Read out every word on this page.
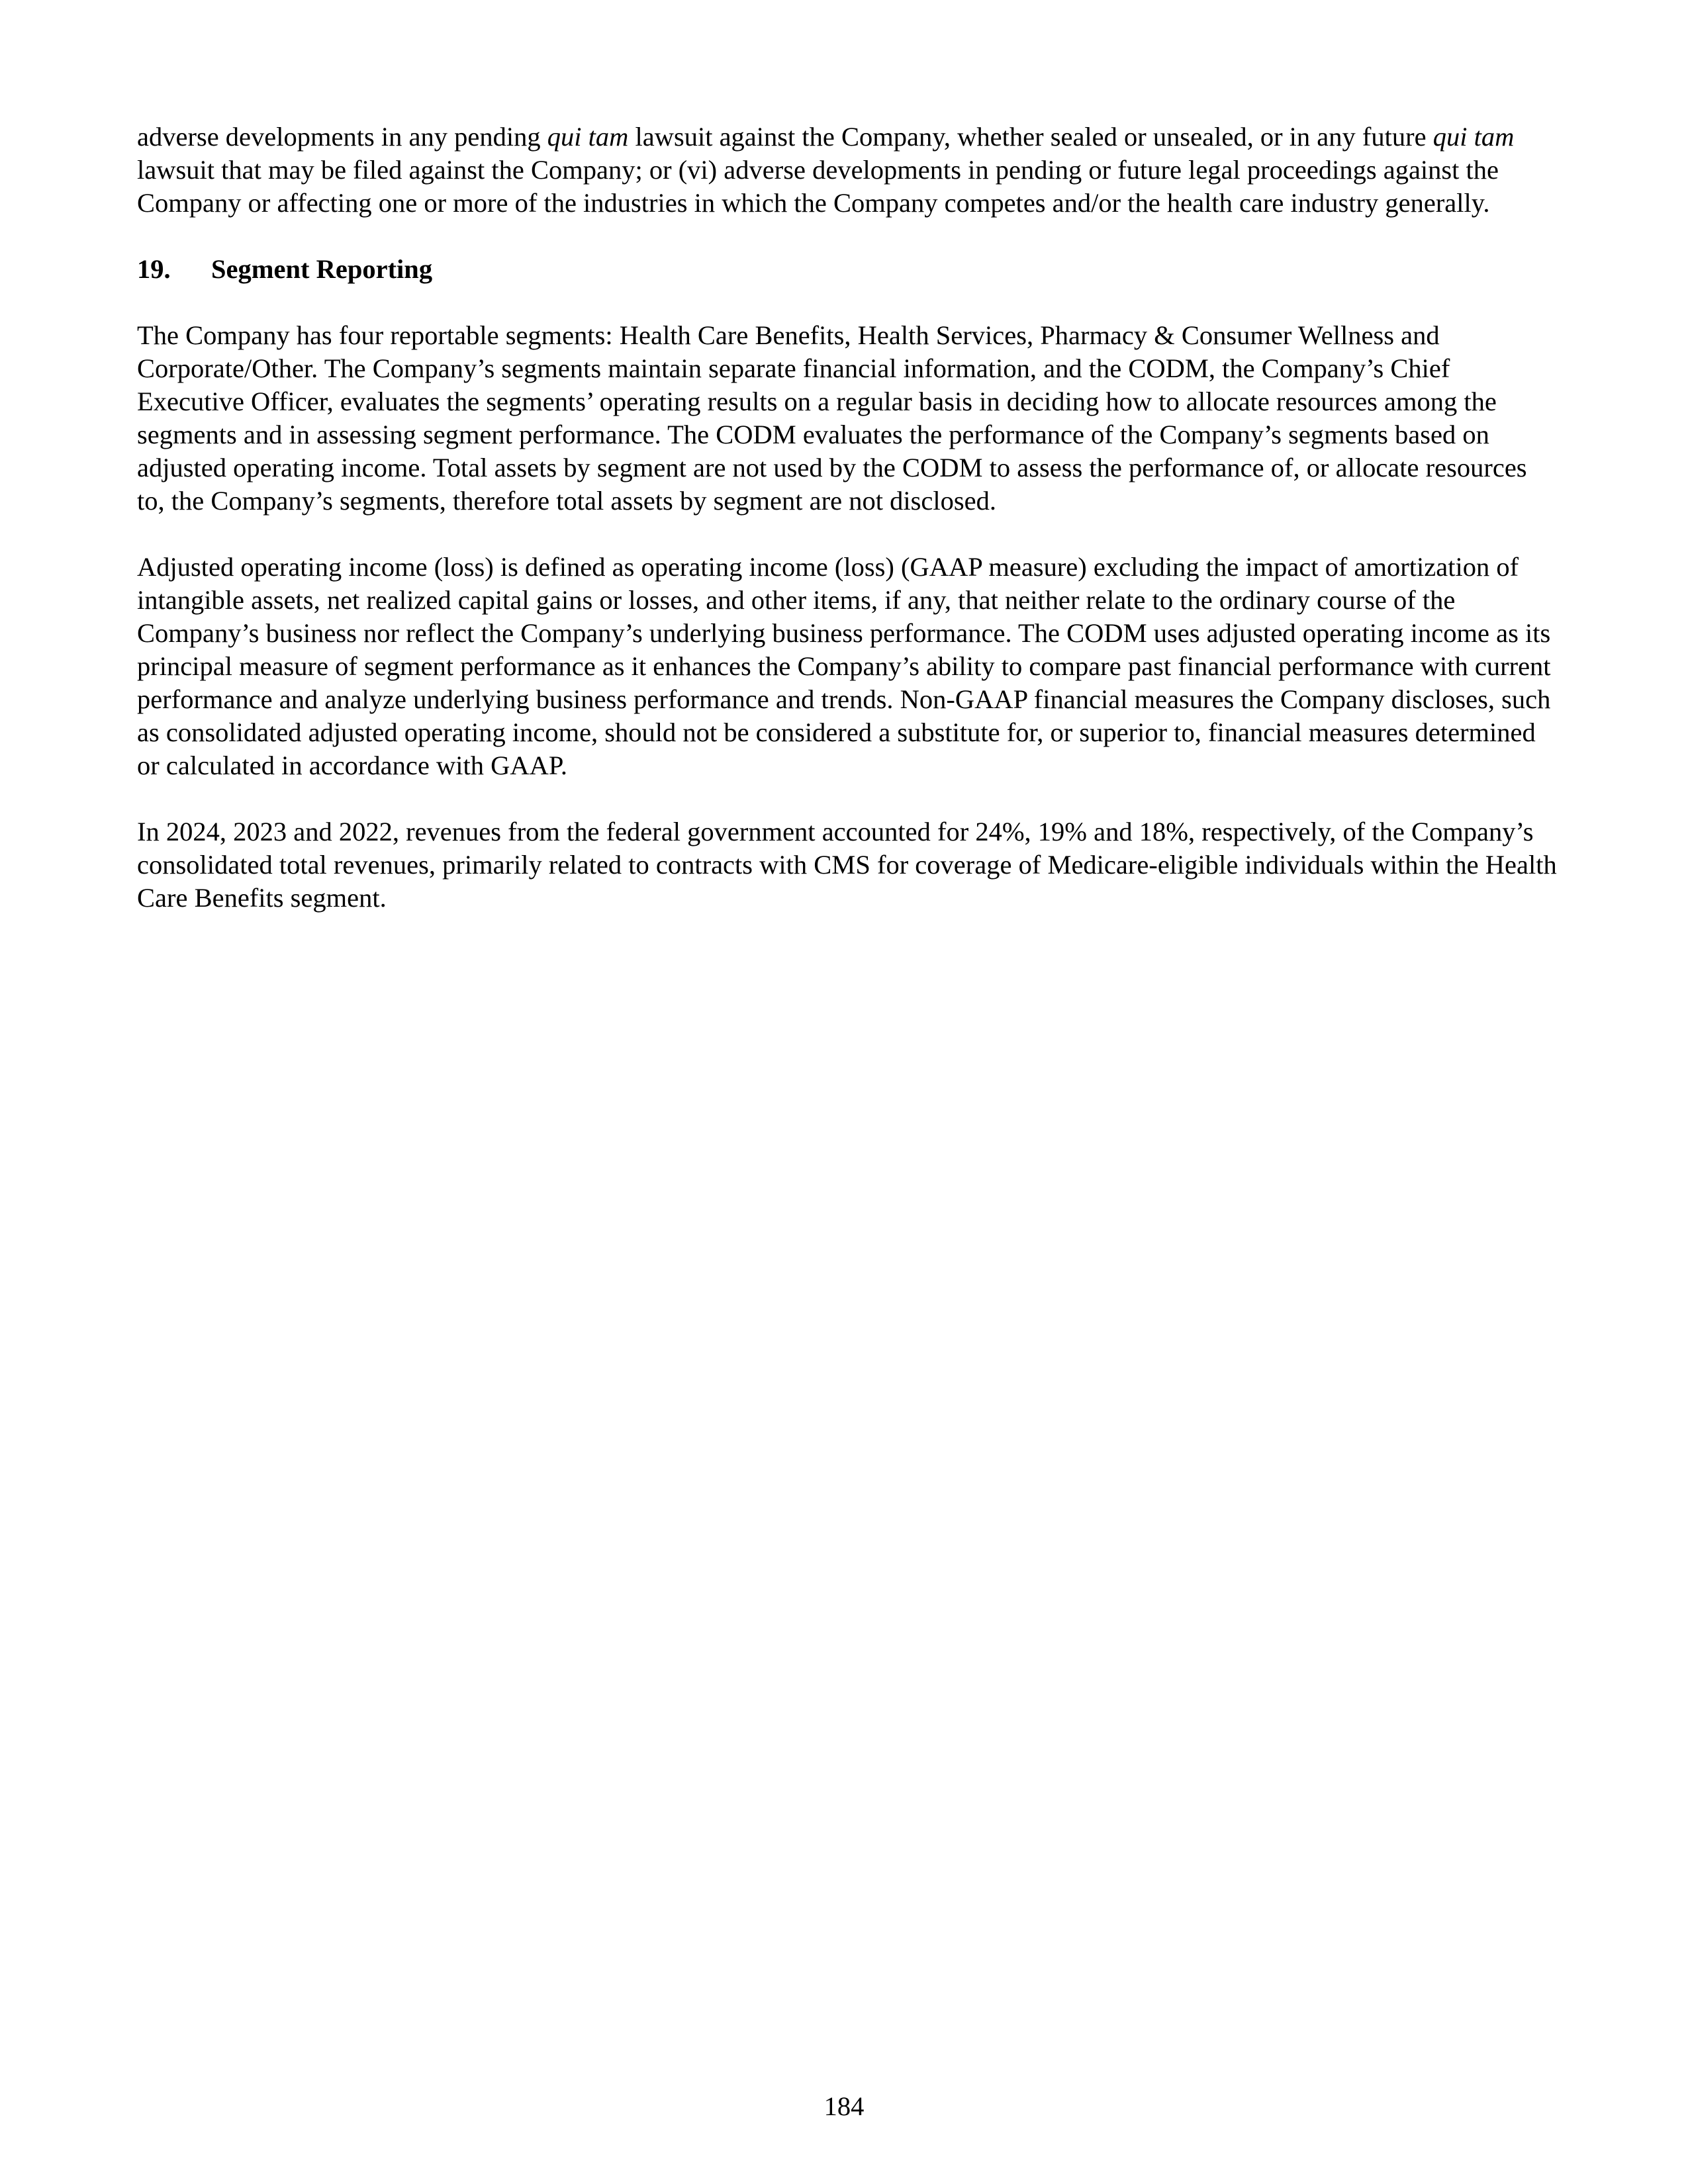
adverse developments in any pending qui tam lawsuit against the Company, whether sealed or unsealed, or in any future qui tam lawsuit that may be filed against the Company; or (vi) adverse developments in pending or future legal proceedings against the Company or affecting one or more of the industries in which the Company competes and/or the health care industry generally.

19. Segment Reporting

The Company has four reportable segments: Health Care Benefits, Health Services, Pharmacy & Consumer Wellness and Corporate/Other. The Company’s segments maintain separate financial information, and the CODM, the Company’s Chief Executive Officer, evaluates the segments’ operating results on a regular basis in deciding how to allocate resources among the segments and in assessing segment performance. The CODM evaluates the performance of the Company’s segments based on adjusted operating income. Total assets by segment are not used by the CODM to assess the performance of, or allocate resources to, the Company’s segments, therefore total assets by segment are not disclosed.

Adjusted operating income (loss) is defined as operating income (loss) (GAAP measure) excluding the impact of amortization of intangible assets, net realized capital gains or losses, and other items, if any, that neither relate to the ordinary course of the Company’s business nor reflect the Company’s underlying business performance. The CODM uses adjusted operating income as its principal measure of segment performance as it enhances the Company’s ability to compare past financial performance with current performance and analyze underlying business performance and trends. Non-GAAP financial measures the Company discloses, such as consolidated adjusted operating income, should not be considered a substitute for, or superior to, financial measures determined or calculated in accordance with GAAP.

In 2024, 2023 and 2022, revenues from the federal government accounted for 24%, 19% and 18%, respectively, of the Company’s consolidated total revenues, primarily related to contracts with CMS for coverage of Medicare-eligible individuals within the Health Care Benefits segment.

184
